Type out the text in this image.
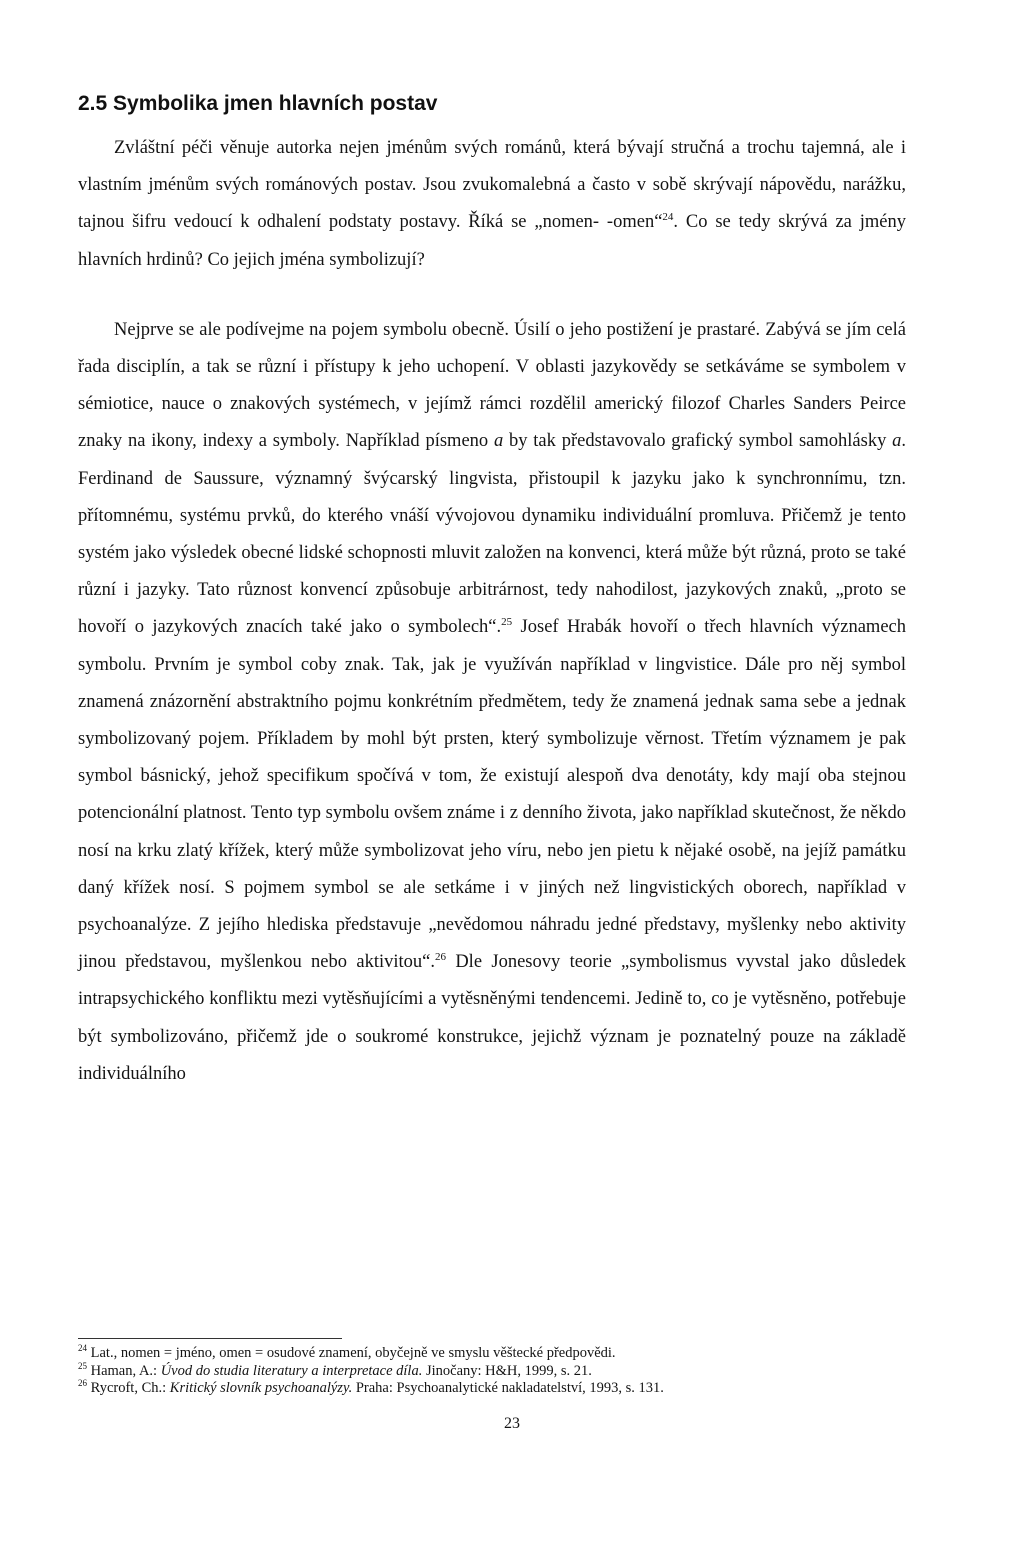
2.5 Symbolika jmen hlavních postav

Zvláštní péči věnuje autorka nejen jménům svých románů, která bývají stručná a trochu tajemná, ale i vlastním jménům svých románových postav. Jsou zvukomalebná a často v sobě skrývají nápovědu, narážku, tajnou šifru vedoucí k odhalení podstaty postavy. Říká se „nomen- -omen“$^{24}$. Co se tedy skrývá za jmény hlavních hrdinů? Co jejich jména symbolizují?

Nejprve se ale podívejme na pojem symbolu obecně. Úsilí o jeho postižení je prastaré. Zabývá se jím celá řada disciplín, a tak se různí i přístupy k jeho uchopení. V oblasti jazykovědy se setkáváme se symbolem v sémiotice, nauce o znakových systémech, v jejímž rámci rozdělil americký filozof Charles Sanders Peirce znaky na ikony, indexy a symboly. Například písmeno a by tak představovalo grafický symbol samohlásky a. Ferdinand de Saussure, významný švýcarský lingvista, přistoupil k jazyku jako k synchronnímu, tzn. přítomnému, systému prvků, do kterého vnáší vývojovou dynamiku individuální promluva. Přičemž je tento systém jako výsledek obecné lidské schopnosti mluvit založen na konvenci, která může být různá, proto se také různí i jazyky. Tato různost konvencí způsobuje arbitrárnost, tedy nahodilost, jazykových znaků, „proto se hovoří o jazykových znacích také jako o symbolech“.$^{25}$ Josef Hrabák hovoří o třech hlavních významech symbolu. Prvním je symbol coby znak. Tak, jak je využíván například v lingvistice. Dále pro něj symbol znamená znázornění abstraktního pojmu konkrétním předmětem, tedy že znamená jednak sama sebe a jednak symbolizovaný pojem. Příkladem by mohl být prsten, který symbolizuje věrnost. Třetím významem je pak symbol básnický, jehož specifikum spočívá v tom, že existují alespoň dva denotáty, kdy mají oba stejnou potencionální platnost. Tento typ symbolu ovšem známe i z denního života, jako například skutečnost, že někdo nosí na krku zlatý křížek, který může symbolizovat jeho víru, nebo jen pietu k nějaké osobě, na jejíž památku daný křížek nosí. S pojmem symbol se ale setkáme i v jiných než lingvistických oborech, například v psychoanalýze. Z jejího hlediska představuje „nevědomou náhradu jedné představy, myšlenky nebo aktivity jinou představou, myšlenkou nebo aktivitou“.$^{26}$ Dle Jonesovy teorie „symbolismus vyvstal jako důsledek intrapsychického konfliktu mezi vytěsňujícími a vytěsněnými tendencemi. Jedině to, co je vytěsněno, potřebuje být symbolizováno, přičemž jde o soukromé konstrukce, jejichž význam je poznatelný pouze na základě individuálního

$^{24}$ Lat., nomen = jméno, omen = osudové znamení, obyčejně ve smyslu věštecké předpovědi.

$^{25}$ Haman, A.: Úvod do studia literatury a interpretace díla. Jinočany: H&H, 1999, s. 21.

$^{26}$ Rycroft, Ch.: Kritický slovník psychoanalýzy. Praha: Psychoanalytické nakladatelství, 1993, s. 131.

23
